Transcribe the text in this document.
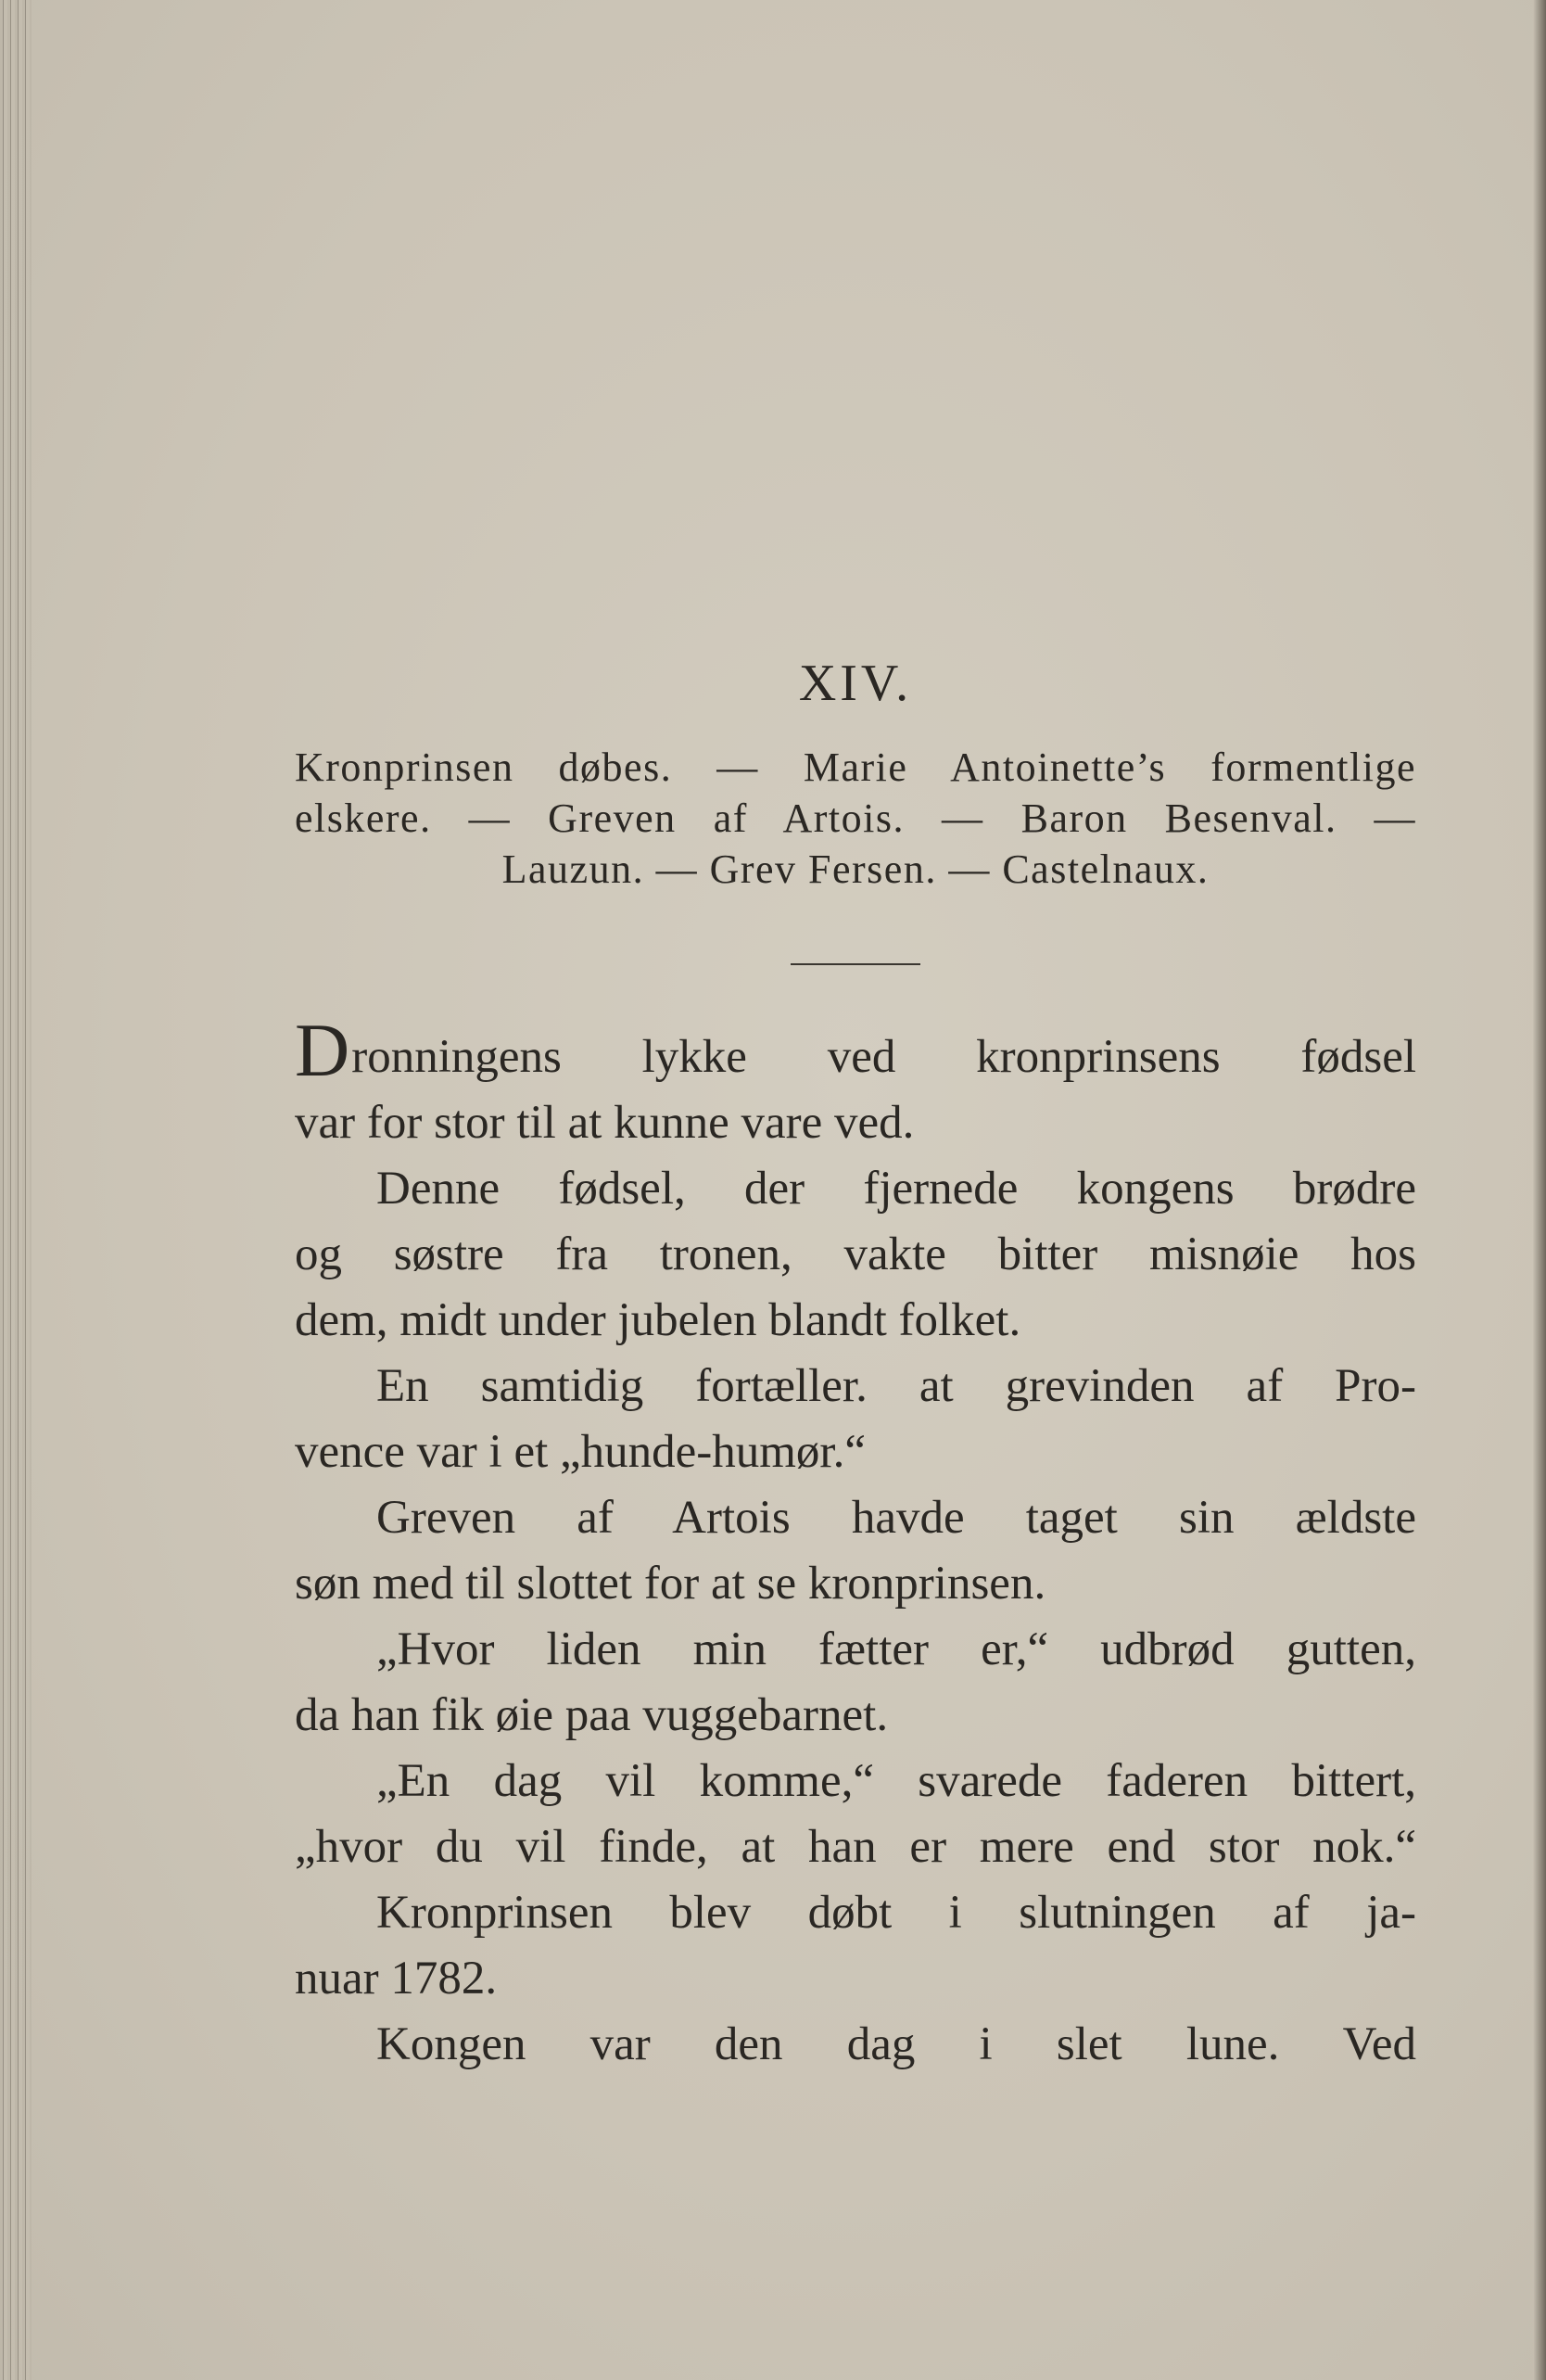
XIV.
Kronprinsen døbes. — Marie Antoinette’s formentlige
elskere. — Greven af Artois. — Baron Besenval. —
Lauzun. — Grev Fersen. — Castelnaux.
Dronningens lykke ved kronprinsens fødsel
var for stor til at kunne vare ved.
Denne fødsel, der fjernede kongens brødre
og søstre fra tronen, vakte bitter misnøie hos
dem, midt under jubelen blandt folket.
En samtidig fortæller. at grevinden af Pro-
vence var i et „hunde-humør.“
Greven af Artois havde taget sin ældste
søn med til slottet for at se kronprinsen.
„Hvor liden min fætter er,“ udbrød gutten,
da han fik øie paa vuggebarnet.
„En dag vil komme,“ svarede faderen bittert,
„hvor du vil finde, at han er mere end stor nok.“
Kronprinsen blev døbt i slutningen af ja-
nuar 1782.
Kongen var den dag i slet lune. Ved
